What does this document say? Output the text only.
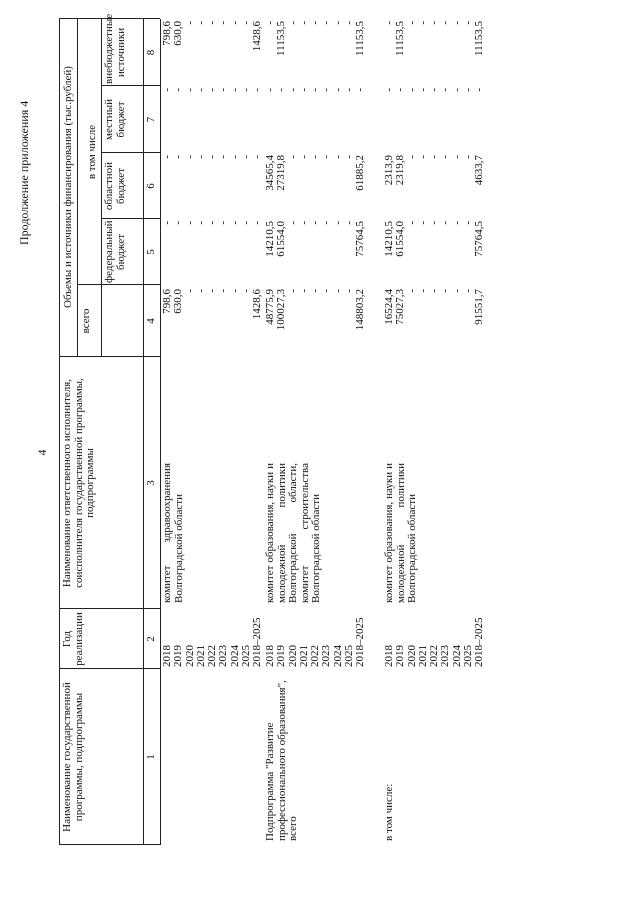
4
Продолжение приложения 4
Наименование государственной программы, подпрограммы
Год реализации
Наименование ответственного исполнителя, соисполнителя государственной программы, подпрограммы
Объемы и источники финансирования (тыс.рублей)
всего
в том числе
федеральный бюджет
областной бюджет
местный бюджет
внебюджетные источники
1
2
3
4
5
6
7
8
комитет здравоохранения Волгоградской области
2018 2019 2020 2021 2022 2023 2024 2025 2018–2025
798,6 630,0 - - - - - - 1428,6
- - - - - - - - -
- - - - - - - - -
- - - - - - - - -
798,6 630,0 - - - - - - 1428,6
Подпрограмма "Развитие профессионального образования", всего
комитет образования, науки и молодежной политики Волгоградской области, комитет строительства Волгоградской области
2018 2019 2020 2021 2022 2023 2024 2025 2018–2025
48775,9 100027,3 - - - - - - 148803,2
14210,5 61554,0 - - - - - - 75764,5
34565,4 27319,8 - - - - - - 61885,2
- - - - - - - - -
- 11153,5 - - - - - - 11153,5
в том числе:
комитет образования, науки и молодежной политики Волгоградской области
2018 2019 2020 2021 2022 2023 2024 2025 2018–2025
16524,4 75027,3 - - - - - - 91551,7
14210,5 61554,0 - - - - - - 75764,5
2313,9 2319,8 - - - - - - 4633,7
- - - - - - - - -
- 11153,5 - - - - - - 11153,5
